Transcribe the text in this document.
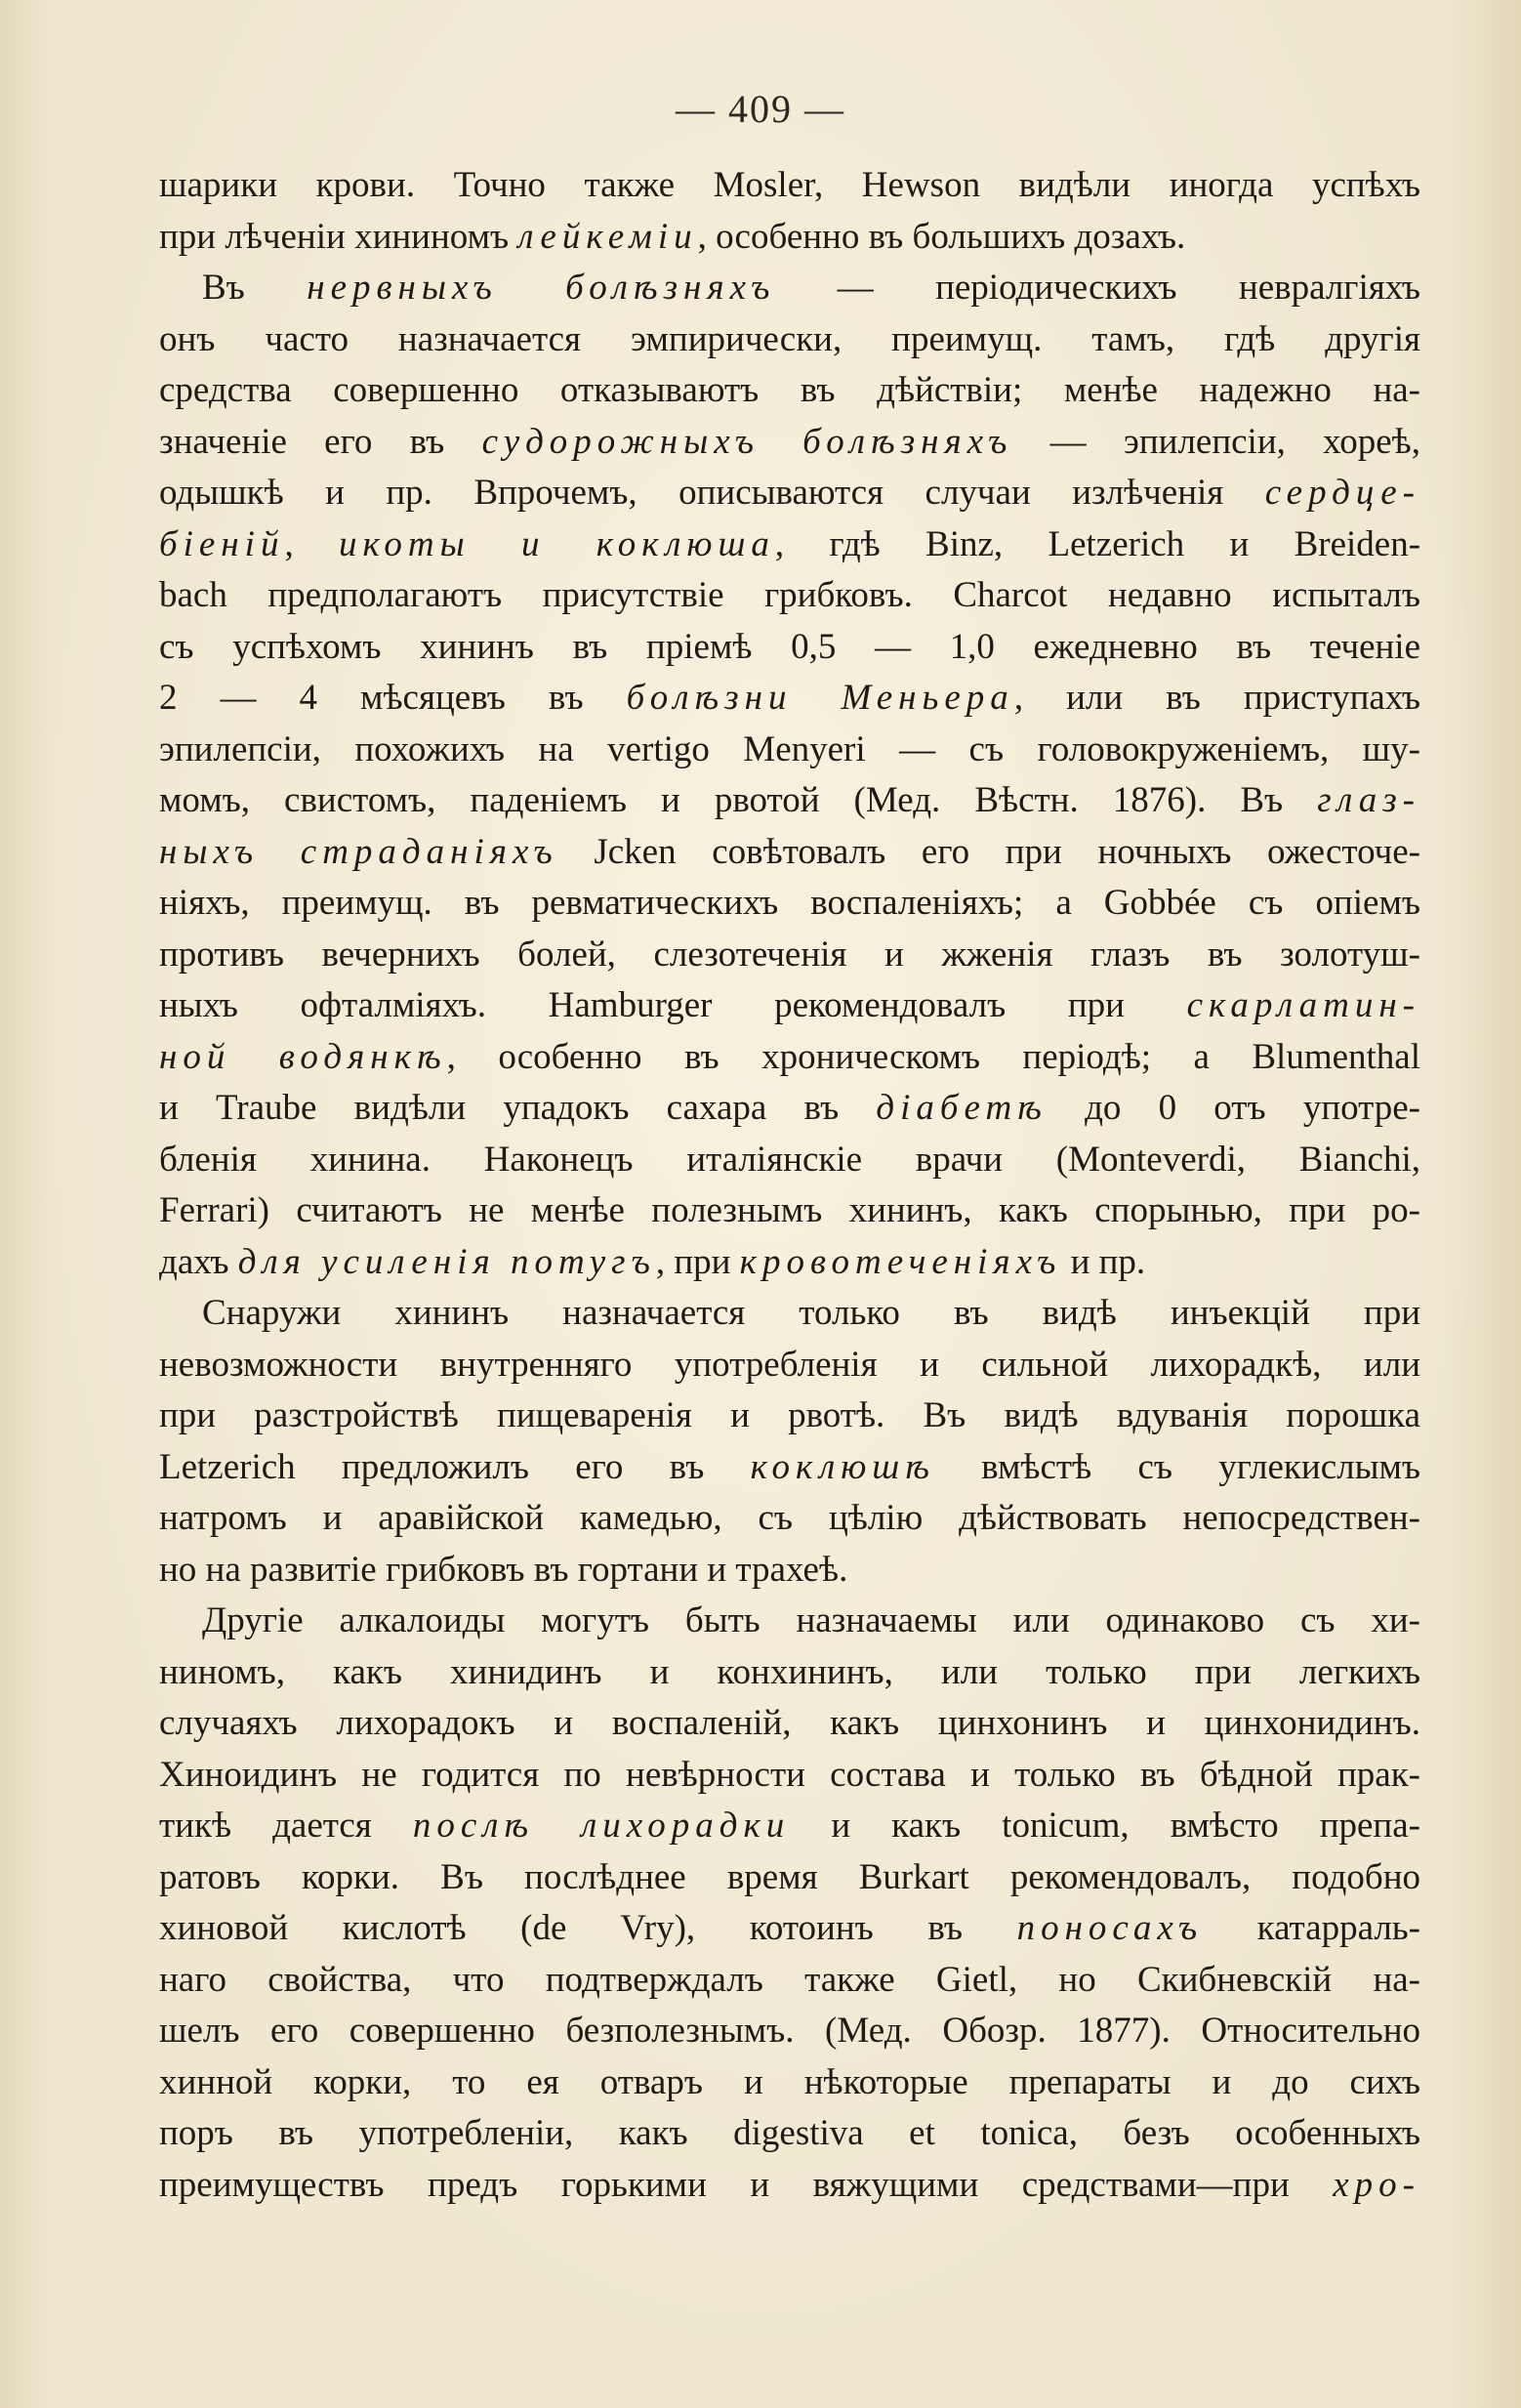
— 409 —
шарики крови. Точно также Mosler, Hewson видѣли иногда успѣхъ
при лѣченіи хининомъ лейкеміи, особенно въ большихъ дозахъ.
Въ нервныхъ болѣзняхъ — періодическихъ невралгіяхъ
онъ часто назначается эмпирически, преимущ. тамъ, гдѣ другія
средства совершенно отказываютъ въ дѣйствіи; менѣе надежно на-
значеніе его въ судорожныхъ болѣзняхъ — эпилепсіи, хореѣ,
одышкѣ и пр. Впрочемъ, описываются случаи излѣченія сердце-
біеній, икоты и коклюша, гдѣ Binz, Letzerich и Breiden-
bach предполагаютъ присутствіе грибковъ. Charcot недавно испыталъ
съ успѣхомъ хининъ въ пріемѣ 0,5 — 1,0 ежедневно въ теченіе
2 — 4 мѣсяцевъ въ болѣзни Меньера, или въ приступахъ
эпилепсіи, похожихъ на vertigo Menyeri — съ головокруженіемъ, шу-
момъ, свистомъ, паденіемъ и рвотой (Мед. Вѣстн. 1876). Въ глаз-
ныхъ страданіяхъ Jcken совѣтовалъ его при ночныхъ ожесточе-
ніяхъ, преимущ. въ ревматическихъ воспаленіяхъ; а Gobbée съ опіемъ
противъ вечернихъ болей, слезотеченія и жженія глазъ въ золотуш-
ныхъ офталміяхъ. Hamburger рекомендовалъ при скарлатин-
ной водянкѣ, особенно въ хроническомъ періодѣ; а Blumenthal
и Traube видѣли упадокъ сахара въ діабетѣ до 0 отъ употре-
бленія хинина. Наконецъ италіянскіе врачи (Monteverdi, Bianchi,
Ferrari) считаютъ не менѣе полезнымъ хининъ, какъ спорынью, при ро-
дахъ для усиленія потугъ, при кровотеченіяхъ и пр.
Снаружи хининъ назначается только въ видѣ инъекцій при
невозможности внутренняго употребленія и сильной лихорадкѣ, или
при разстройствѣ пищеваренія и рвотѣ. Въ видѣ вдуванія порошка
Letzerich предложилъ его въ коклюшѣ вмѣстѣ съ углекислымъ
натромъ и аравійской камедью, съ цѣлію дѣйствовать непосредствен-
но на развитіе грибковъ въ гортани и трахеѣ.
Другіе алкалоиды могутъ быть назначаемы или одинаково съ хи-
ниномъ, какъ хинидинъ и конхининъ, или только при легкихъ
случаяхъ лихорадокъ и воспаленій, какъ цинхонинъ и цинхонидинъ.
Хиноидинъ не годится по невѣрности состава и только въ бѣдной прак-
тикѣ дается послѣ лихорадки и какъ tonicum, вмѣсто препа-
ратовъ корки. Въ послѣднее время Burkart рекомендовалъ, подобно
хиновой кислотѣ (de Vry), котоинъ въ поносахъ катарраль-
наго свойства, что подтверждалъ также Gietl, но Скибневскій на-
шелъ его совершенно безполезнымъ. (Мед. Обозр. 1877). Относительно
хинной корки, то ея отваръ и нѣкоторые препараты и до сихъ
поръ въ употребленіи, какъ digestiva et tonica, безъ особенныхъ
преимуществъ предъ горькими и вяжущими средствами—при хро-
